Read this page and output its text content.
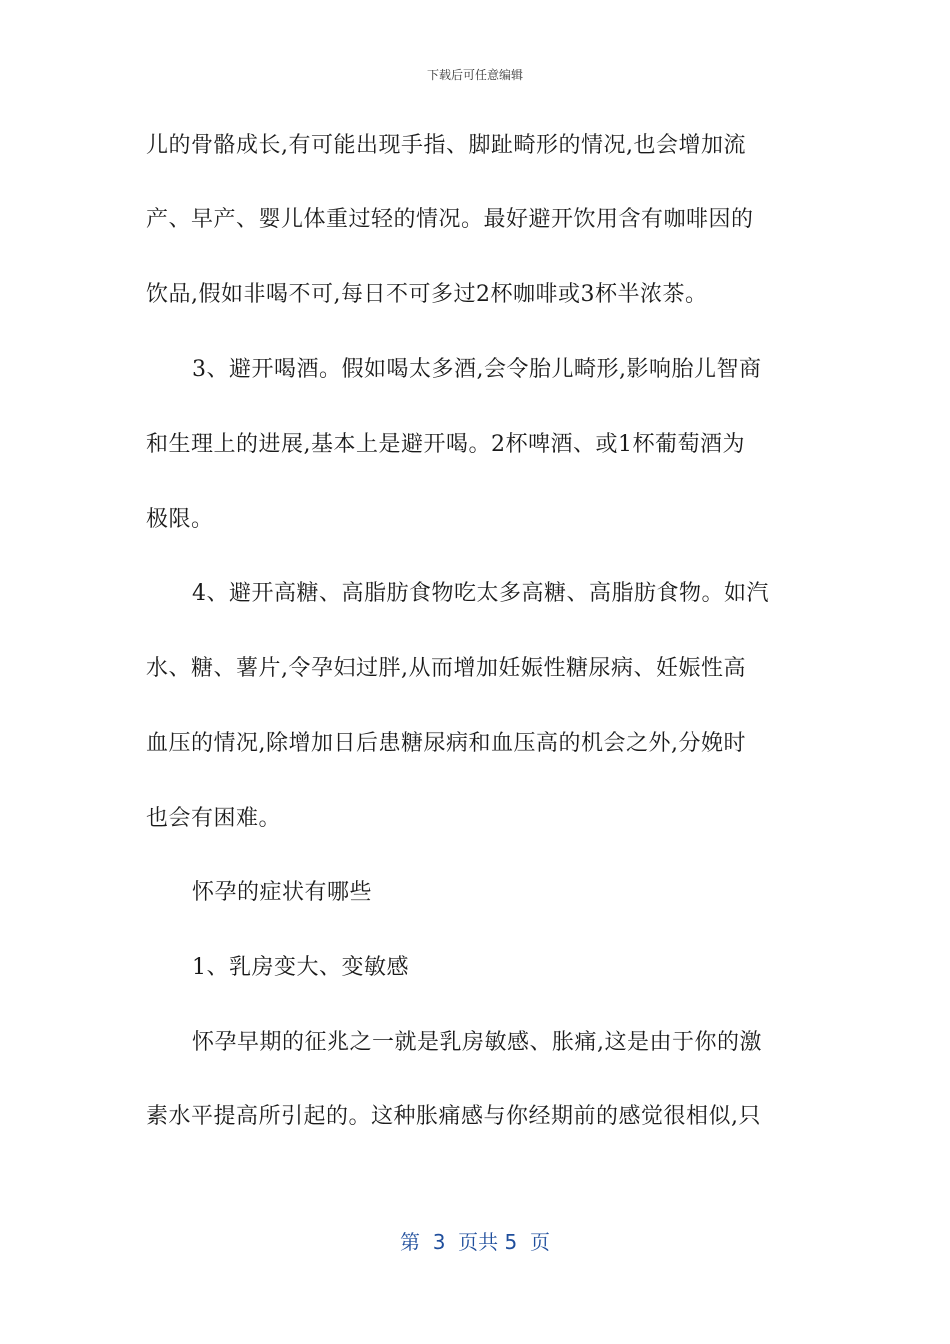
下载后可任意编辑
儿的骨骼成长,有可能出现手指、脚趾畸形的情况,也会增加流
产、早产、婴儿体重过轻的情况。最好避开饮用含有咖啡因的
饮品,假如非喝不可,每日不可多过2杯咖啡或3杯半浓茶。
3、避开喝酒。假如喝太多酒,会令胎儿畸形,影响胎儿智商
和生理上的进展,基本上是避开喝。2杯啤酒、或1杯葡萄酒为
极限。
4、避开高糖、高脂肪食物吃太多高糖、高脂肪食物。如汽
水、糖、薯片,令孕妇过胖,从而增加妊娠性糖尿病、妊娠性高
血压的情况,除增加日后患糖尿病和血压高的机会之外,分娩时
也会有困难。
怀孕的症状有哪些
1、乳房变大、变敏感
怀孕早期的征兆之一就是乳房敏感、胀痛,这是由于你的激
素水平提高所引起的。这种胀痛感与你经期前的感觉很相似,只
第  3  页共 5  页
